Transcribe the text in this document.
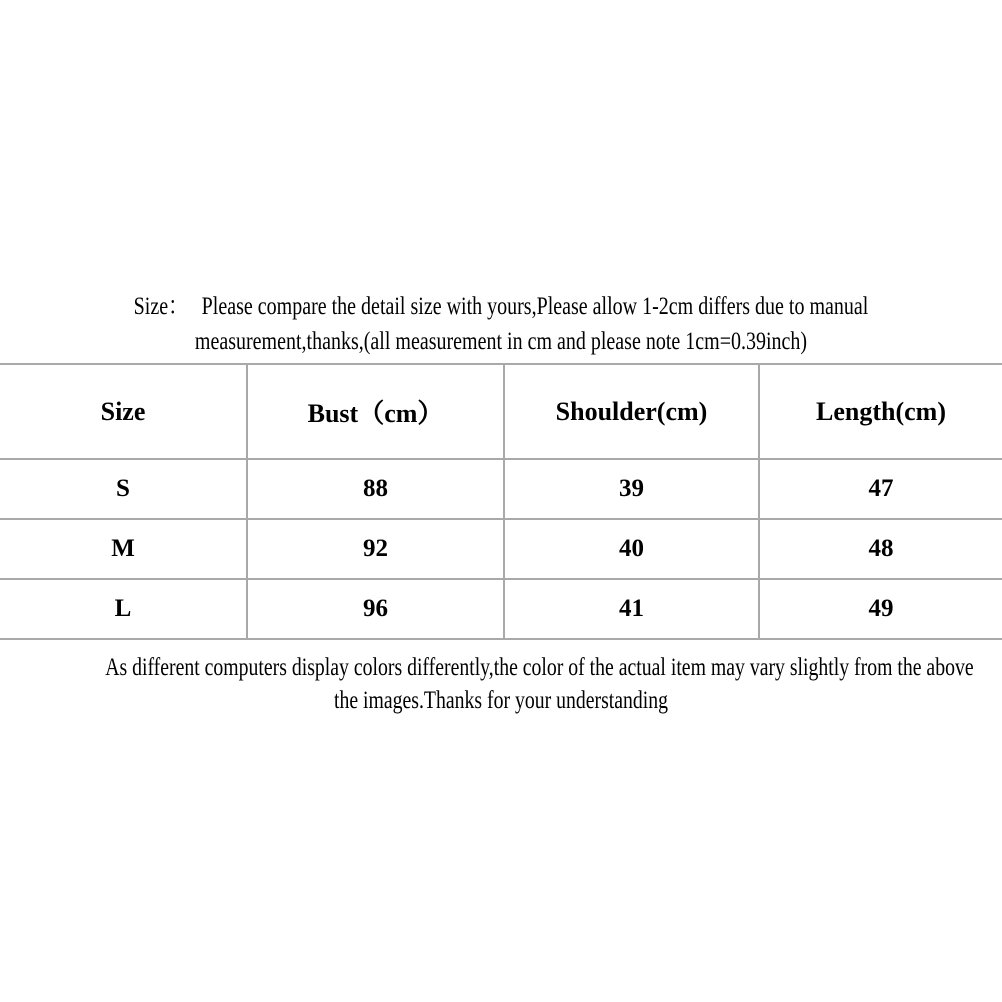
Size： Please compare the detail size with yours,Please allow 1-2cm differs due to manual
measurement,thanks,(all measurement in cm and please note 1cm=0.39inch)
Size	Bust（cm）	Shoulder(cm)	Length(cm)
S	88	39	47
M	92	40	48
L	96	41	49
As different computers display colors differently,the color of the actual item may vary slightly from the above
the images.Thanks for your understanding
